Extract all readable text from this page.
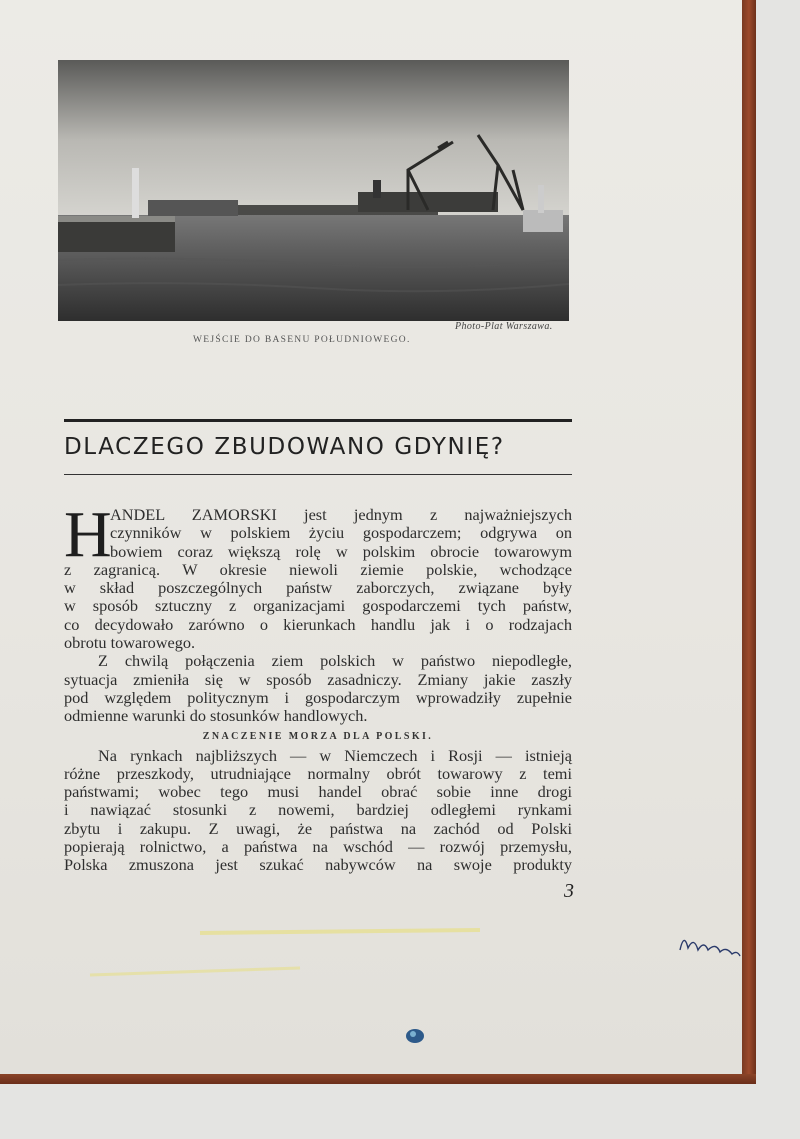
Photo-Plat Warszawa.
WEJŚCIE DO BASENU POŁUDNIOWEGO.
DLACZEGO ZBUDOWANO GDYNIĘ?
H
ANDEL ZAMORSKI jest jednym z najważniejszych
czynników w polskiem życiu gospodarczem; odgrywa on
bowiem coraz większą rolę w polskim obrocie towarowym
z zagranicą. W okresie niewoli ziemie polskie, wchodzące
w skład poszczególnych państw zaborczych, związane były
w sposób sztuczny z organizacjami gospodarczemi tych państw,
co decydowało zarówno o kierunkach handlu jak i o rodzajach
obrotu towarowego.
Z chwilą połączenia ziem polskich w państwo niepodległe,
sytuacja zmieniła się w sposób zasadniczy. Zmiany jakie zaszły
pod względem politycznym i gospodarczym wprowadziły zupełnie
odmienne warunki do stosunków handlowych.
ZNACZENIE MORZA DLA POLSKI.
Na rynkach najbliższych — w Niemczech i Rosji — istnieją
różne przeszkody, utrudniające normalny obrót towarowy z temi
państwami; wobec tego musi handel obrać sobie inne drogi
i nawiązać stosunki z nowemi, bardziej odległemi rynkami
zbytu i zakupu. Z uwagi, że państwa na zachód od Polski
popierają rolnictwo, a państwa na wschód — rozwój przemysłu,
Polska zmuszona jest szukać nabywców na swoje produkty
3
